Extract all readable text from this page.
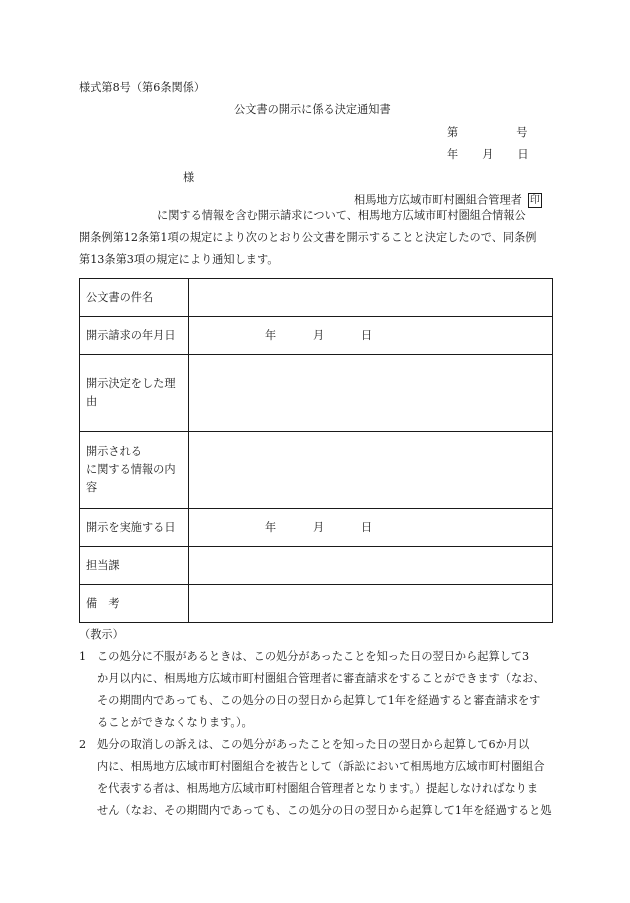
様式第8号（第6条関係）
公文書の開示に係る決定通知書
第	号
年 月 日
様
相馬地方広域市町村圏組合管理者 印
に関する情報を含む開示請求について、相馬地方広域市町村圏組合情報公
開条例第12条第1項の規定により次のとおり公文書を開示することと決定したので、同条例
第13条第3項の規定により通知します。
公文書の件名	
開示請求の年月日	年 月 日

開示決定をした理
由	

開示される
に関する情報の内
容	

開示を実施する日	年 月 日
担当課	
備　考	
（教示）
1 この処分に不服があるときは、この処分があったことを知った日の翌日から起算して3
か月以内に、相馬地方広域市町村圏組合管理者に審査請求をすることができます（なお、
その期間内であっても、この処分の日の翌日から起算して1年を経過すると審査請求をす
ることができなくなります。）。
2 処分の取消しの訴えは、この処分があったことを知った日の翌日から起算して6か月以
内に、相馬地方広域市町村圏組合を被告として（訴訟において相馬地方広域市町村圏組合
を代表する者は、相馬地方広域市町村圏組合管理者となります。）提起しなければなりま
せん（なお、その期間内であっても、この処分の日の翌日から起算して1年を経過すると処
